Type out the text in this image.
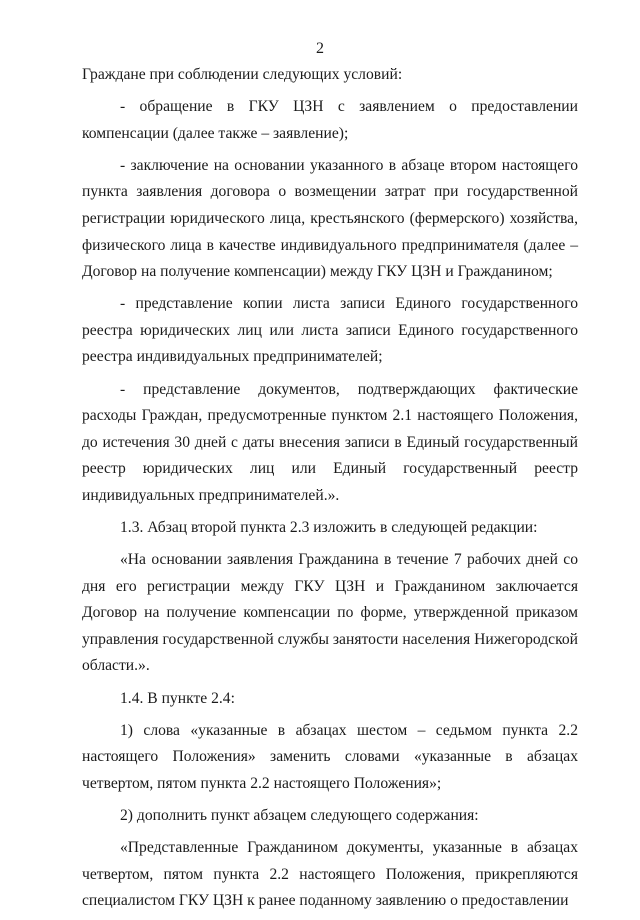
2

Граждане при соблюдении следующих условий:

- обращение в ГКУ ЦЗН с заявлением о предоставлении компенсации (далее также – заявление);

- заключение на основании указанного в абзаце втором настоящего пункта заявления договора о возмещении затрат при государственной регистрации юридического лица, крестьянского (фермерского) хозяйства, физического лица в качестве индивидуального предпринимателя (далее – Договор на получение компенсации) между ГКУ ЦЗН и Гражданином;

- представление копии листа записи Единого государственного реестра юридических лиц или листа записи Единого государственного реестра индивидуальных предпринимателей;

- представление документов, подтверждающих фактические расходы Граждан, предусмотренные пунктом 2.1 настоящего Положения, до истечения 30 дней с даты внесения записи в Единый государственный реестр юридических лиц или Единый государственный реестр индивидуальных предпринимателей.».

1.3. Абзац второй пункта 2.3 изложить в следующей редакции:

«На основании заявления Гражданина в течение 7 рабочих дней со дня его регистрации между ГКУ ЦЗН и Гражданином заключается Договор на получение компенсации по форме, утвержденной приказом управления государственной службы занятости населения Нижегородской области.».

1.4. В пункте 2.4:

1) слова «указанные в абзацах шестом – седьмом пункта 2.2 настоящего Положения» заменить словами «указанные в абзацах четвертом, пятом пункта 2.2 настоящего Положения»;

2) дополнить пункт абзацем следующего содержания:

«Представленные Гражданином документы, указанные в абзацах четвертом, пятом пункта 2.2 настоящего Положения, прикрепляются специалистом ГКУ ЦЗН к ранее поданному заявлению о предоставлении
